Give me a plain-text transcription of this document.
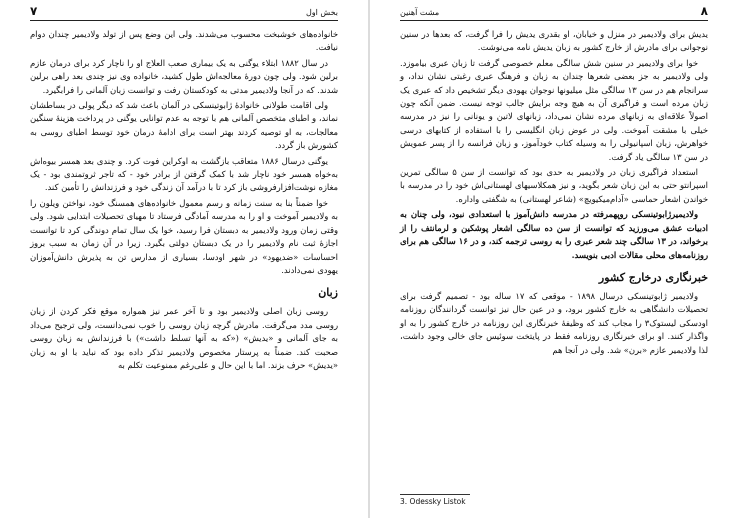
۷	بخش اول

خانواده‌های خوشبخت محسوب می‌شدند. ولی این وضع پس از تولد ولادیمیر چندان دوام نیافت.

در سال ۱۸۸۲ ابتلاء یوگنی به یک بیماری صعب العلاج او را ناچار کرد برای درمان عازم برلین شود. ولی چون دورهٔ معالجه‌اش طول کشید، خانواده وی نیز چندی بعد راهی برلین شدند. که در آنجا ولادیمیر مدتی به کودکستان رفت و توانست زبان آلمانی را فرابگیرد.

ولی اقامت طولانی خانوادهٔ ژابوتینسکی در آلمان باعث شد که دیگر پولی در بساطشان نماند، و اطبای متخصص آلمانی هم با توجه به عدم توانایی یوگنی در پرداخت هزینهٔ سنگین معالجات، به او توصیه کردند بهتر است برای ادامهٔ درمان خود توسط اطبای روسی به کشورش باز گردد.

یوگنی درسال ۱۸۸۶ متعاقب بازگشت به اوکراین فوت کرد. و چندی بعد همسر بیوه‌اش به‌خواه همسر خود ناچار شد با کمک گرفتن از برادر خود - که تاجر ثروتمندی بود - یک مغازه نوشت‌افزارفروشی باز کرد تا با درآمد آن زندگی خود و فرزندانش را تأمین کند.

خوا ضمناً بنا به سنت زمانه و رسم معمول خانواده‌های همسنگ خود، نواختن ویلون را به ولادیمیر آموخت و او را به مدرسه آمادگی فرستاد تا مهیای تحصیلات ابتدایی شود. ولی وقتی زمان ورود ولادیمیر به دبستان فرا رسید، خوا یک سال تمام دوندگی کرد تا توانست اجازهٔ ثبت نام ولادیمیر را در یک دبستان دولتی بگیرد. زیرا در آن زمان به سبب بروز احساسات «ضدیهود» در شهر اودسا، بسیاری از مدارس تن به پذیرش دانش‌آموزان یهودی نمی‌دادند.

زبان

روسی زبان اصلی ولادیمیر بود و تا آخر عمر نیز همواره موقع فکر کردن از زبان روسی مدد می‌گرفت. مادرش گرچه زبان روسی را خوب نمی‌دانست، ولی ترجیح می‌داد به جای آلمانی و «یدیش» («که به آنها تسلط داشت») با فرزندانش به زبان روسی صحبت کند. ضمناً به پرستار مخصوص ولادیمیر تذکر داده بود که نباید با او به زبان «یدیش» حرف بزند. اما با این حال و علی‌رغم ممنوعیت تکلم به

۸
مشت آهنین

یدیش برای ولادیمیر در منزل و خیابان، او بقدری یدیش را فرا گرفت، که بعدها در سنین نوجوانی برای مادرش از خارج کشور به زبان یدیش نامه می‌نوشت.

خوا برای ولادیمیر در سنین شش سالگی معلم خصوصی گرفت تا زبان عبری بیاموزد. ولی ولادیمیر به جز بعضی شعرها چندان به زبان و فرهنگ عبری رغبتی نشان نداد، و سرانجام هم در سن ۱۳ سالگی مثل میلیونها نوجوان یهودی دیگر تشخیص داد که عبری یک زبان مرده است و فراگیری آن به هیچ وجه برایش جالب توجه نیست. ضمن آنکه چون اصولاً علاقه‌ای به زبانهای مرده نشان نمی‌داد، زبانهای لاتین و یونانی را نیز در مدرسه خیلی با مشقت آموخت. ولی در عوض زبان انگلیسی را با استفاده از کتابهای درسی خواهرش، زبان اسپانیولی را به وسیله کتاب خودآموز، و زبان فرانسه را از پسر عمویش در سن ۱۳ سالگی یاد گرفت.

استعداد فراگیری زبان در ولادیمیر به حدی بود که توانست از سن ۵ سالگی تمرین اسپرانتو حتی به این زبان شعر بگوید، و نیز همکلاسیهای لهستانی‌اش خود را در مدرسه با خواندن اشعار حماسی «آدام‌میکیویچ» (شاعر لهستانی) به شگفتی واداره.

ولادیمیرژابوتینسکی روپهمرفته در مدرسه دانش‌آموز با استعدادی نبود، ولی چنان به ادبیات عشق می‌ورزید که توانست از سن ده سالگی اشعار پوشکین و لرمانتف را از برخواند، در ۱۳ سالگی چند شعر عبری را به روسی ترجمه کند، و در ۱۶ سالگی هم برای روزنامه‌های محلی مقالات ادبی بنویسد.

خبرنگاری درخارج کشور

ولادیمیر ژابوتینسکی درسال ۱۸۹۸ - موقعی که ۱۷ ساله بود - تصمیم گرفت برای تحصیلات دانشگاهی به خارج کشور برود، و در عین حال نیز توانست گردانندگان روزنامه اودسکی لیستوک۳ را مجاب کند که وظیفهٔ خبرنگاری این روزنامه در خارج کشور را به او واگذار کنند. او برای خبرنگاری روزنامه فقط در پایتخت سوئیس جای خالی وجود داشت، لذا ولادیمیر عازم «برن» شد. ولی در آنجا هم

3. Odessky Listok
